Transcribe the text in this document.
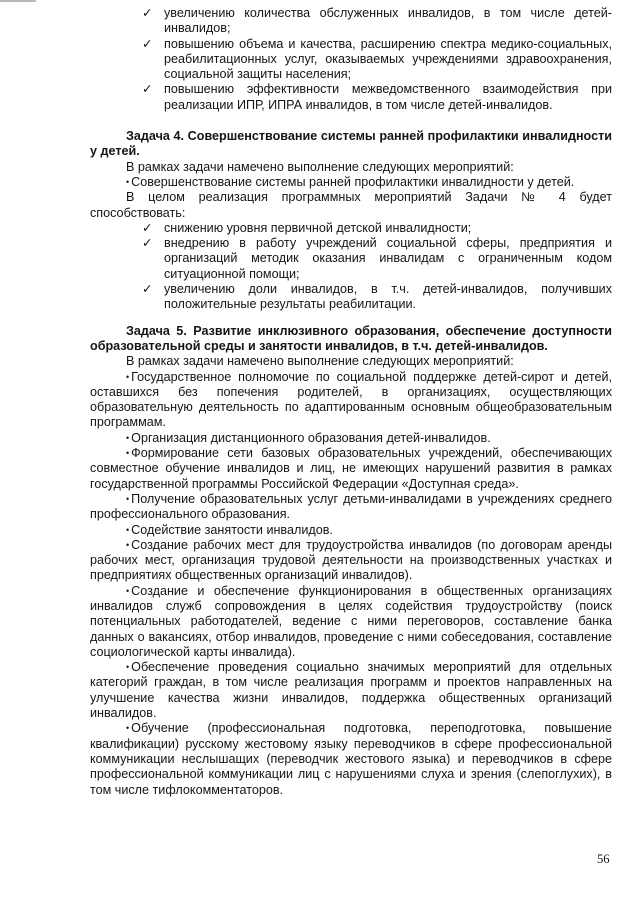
✓ увеличению количества обслуженных инвалидов, в том числе детей-инвалидов;
✓ повышению объема и качества, расширению спектра медико-социальных, реабилитационных услуг, оказываемых учреждениями здравоохранения, социальной защиты населения;
✓ повышению эффективности межведомственного взаимодействия при реализации ИПР, ИПРА инвалидов, в том числе детей-инвалидов.

Задача 4. Совершенствование системы ранней профилактики инвалидности у детей.

В рамках задачи намечено выполнение следующих мероприятий:

• Совершенствование системы ранней профилактики инвалидности у детей.

В целом реализация программных мероприятий Задачи № 4 будет способствовать:

✓ снижению уровня первичной детской инвалидности;
✓ внедрению в работу учреждений социальной сферы, предприятия и организаций методик оказания инвалидам с ограниченным кодом ситуационной помощи;
✓ увеличению доли инвалидов, в т.ч. детей-инвалидов, получивших положительные результаты реабилитации.

Задача 5. Развитие инклюзивного образования, обеспечение доступности образовательной среды и занятости инвалидов, в т.ч. детей-инвалидов.

В рамках задачи намечено выполнение следующих мероприятий:

• Государственное полномочие по социальной поддержке детей-сирот и детей, оставшихся без попечения родителей, в организациях, осуществляющих образовательную деятельность по адаптированным основным общеобразовательным программам.

• Организация дистанционного образования детей-инвалидов.

• Формирование сети базовых образовательных учреждений, обеспечивающих совместное обучение инвалидов и лиц, не имеющих нарушений развития в рамках государственной программы Российской Федерации «Доступная среда».

• Получение образовательных услуг детьми-инвалидами в учреждениях среднего профессионального образования.

• Содействие занятости инвалидов.

• Создание рабочих мест для трудоустройства инвалидов (по договорам аренды рабочих мест, организация трудовой деятельности на производственных участках и предприятиях общественных организаций инвалидов).

• Создание и обеспечение функционирования в общественных организациях инвалидов служб сопровождения в целях содействия трудоустройству (поиск потенциальных работодателей, ведение с ними переговоров, составление банка данных о вакансиях, отбор инвалидов, проведение с ними собеседования, составление социологической карты инвалида).

• Обеспечение проведения социально значимых мероприятий для отдельных категорий граждан, в том числе реализация программ и проектов направленных на улучшение качества жизни инвалидов, поддержка общественных организаций инвалидов.

• Обучение (профессиональная подготовка, переподготовка, повышение квалификации) русскому жестовому языку переводчиков в сфере профессиональной коммуникации неслышащих (переводчик жестового языка) и переводчиков в сфере профессиональной коммуникации лиц с нарушениями слуха и зрения (слепоглухих), в том числе тифлокомментаторов.

56
